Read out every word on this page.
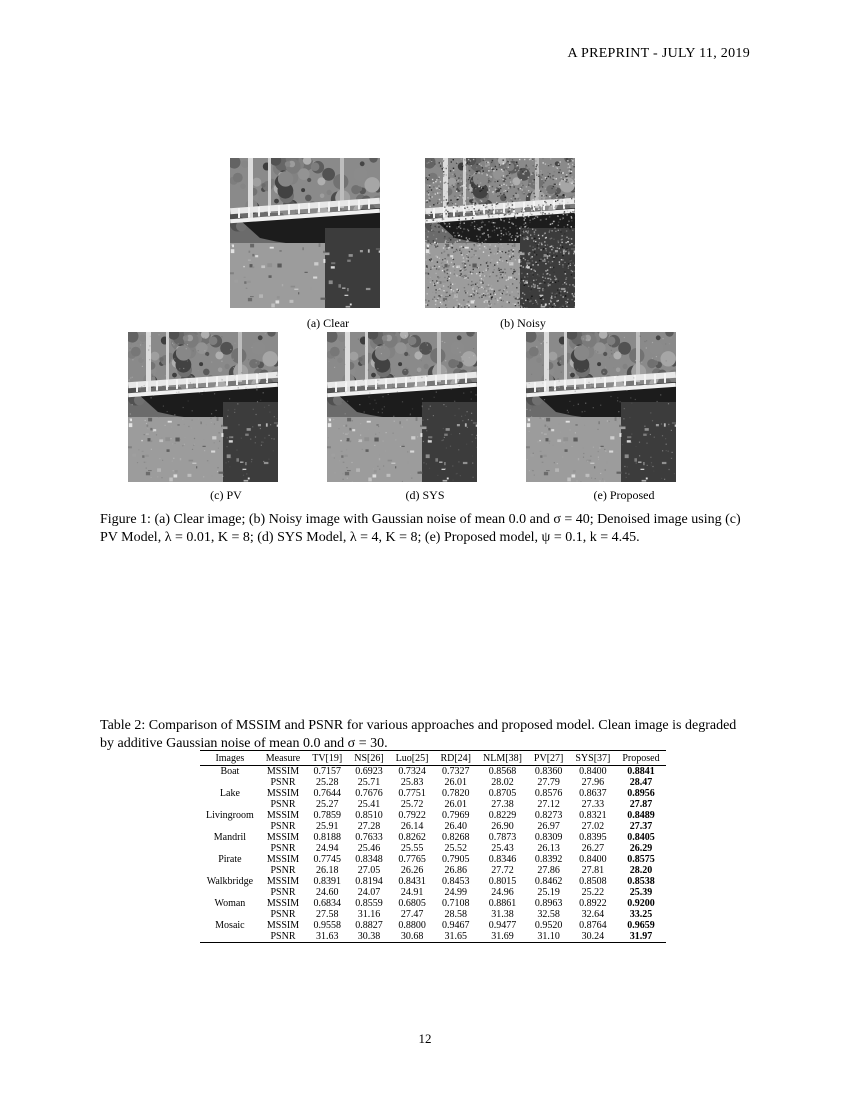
A PREPRINT - JULY 11, 2019
(a) Clear	(b) Noisy
(c) PV	(d) SYS	(e) Proposed
Figure 1: (a) Clear image; (b) Noisy image with Gaussian noise of mean 0.0 and σ = 40; Denoised image using (c) PV Model, λ = 0.01, K = 8; (d) SYS Model, λ = 4, K = 8; (e) Proposed model, ψ = 0.1, k = 4.45.
Table 2: Comparison of MSSIM and PSNR for various approaches and proposed model. Clean image is degraded by additive Gaussian noise of mean 0.0 and σ = 30.
Images	Measure	TV[19]	NS[26]	Luo[25]	RD[24]	NLM[38]	PV[27]	SYS[37]	Proposed
Boat	MSSIM	0.7157	0.6923	0.7324	0.7327	0.8568	0.8360	0.8400	0.8841
	PSNR	25.28	25.71	25.83	26.01	28.02	27.79	27.96	28.47
Lake	MSSIM	0.7644	0.7676	0.7751	0.7820	0.8705	0.8576	0.8637	0.8956
	PSNR	25.27	25.41	25.72	26.01	27.38	27.12	27.33	27.87
Livingroom	MSSIM	0.7859	0.8510	0.7922	0.7969	0.8229	0.8273	0.8321	0.8489
	PSNR	25.91	27.28	26.14	26.40	26.90	26.97	27.02	27.37
Mandril	MSSIM	0.8188	0.7633	0.8262	0.8268	0.7873	0.8309	0.8395	0.8405
	PSNR	24.94	25.46	25.55	25.52	25.43	26.13	26.27	26.29
Pirate	MSSIM	0.7745	0.8348	0.7765	0.7905	0.8346	0.8392	0.8400	0.8575
	PSNR	26.18	27.05	26.26	26.86	27.72	27.86	27.81	28.20
Walkbridge	MSSIM	0.8391	0.8194	0.8431	0.8453	0.8015	0.8462	0.8508	0.8538
	PSNR	24.60	24.07	24.91	24.99	24.96	25.19	25.22	25.39
Woman	MSSIM	0.6834	0.8559	0.6805	0.7108	0.8861	0.8963	0.8922	0.9200
	PSNR	27.58	31.16	27.47	28.58	31.38	32.58	32.64	33.25
Mosaic	MSSIM	0.9558	0.8827	0.8800	0.9467	0.9477	0.9520	0.8764	0.9659
	PSNR	31.63	30.38	30.68	31.65	31.69	31.10	30.24	31.97
12
